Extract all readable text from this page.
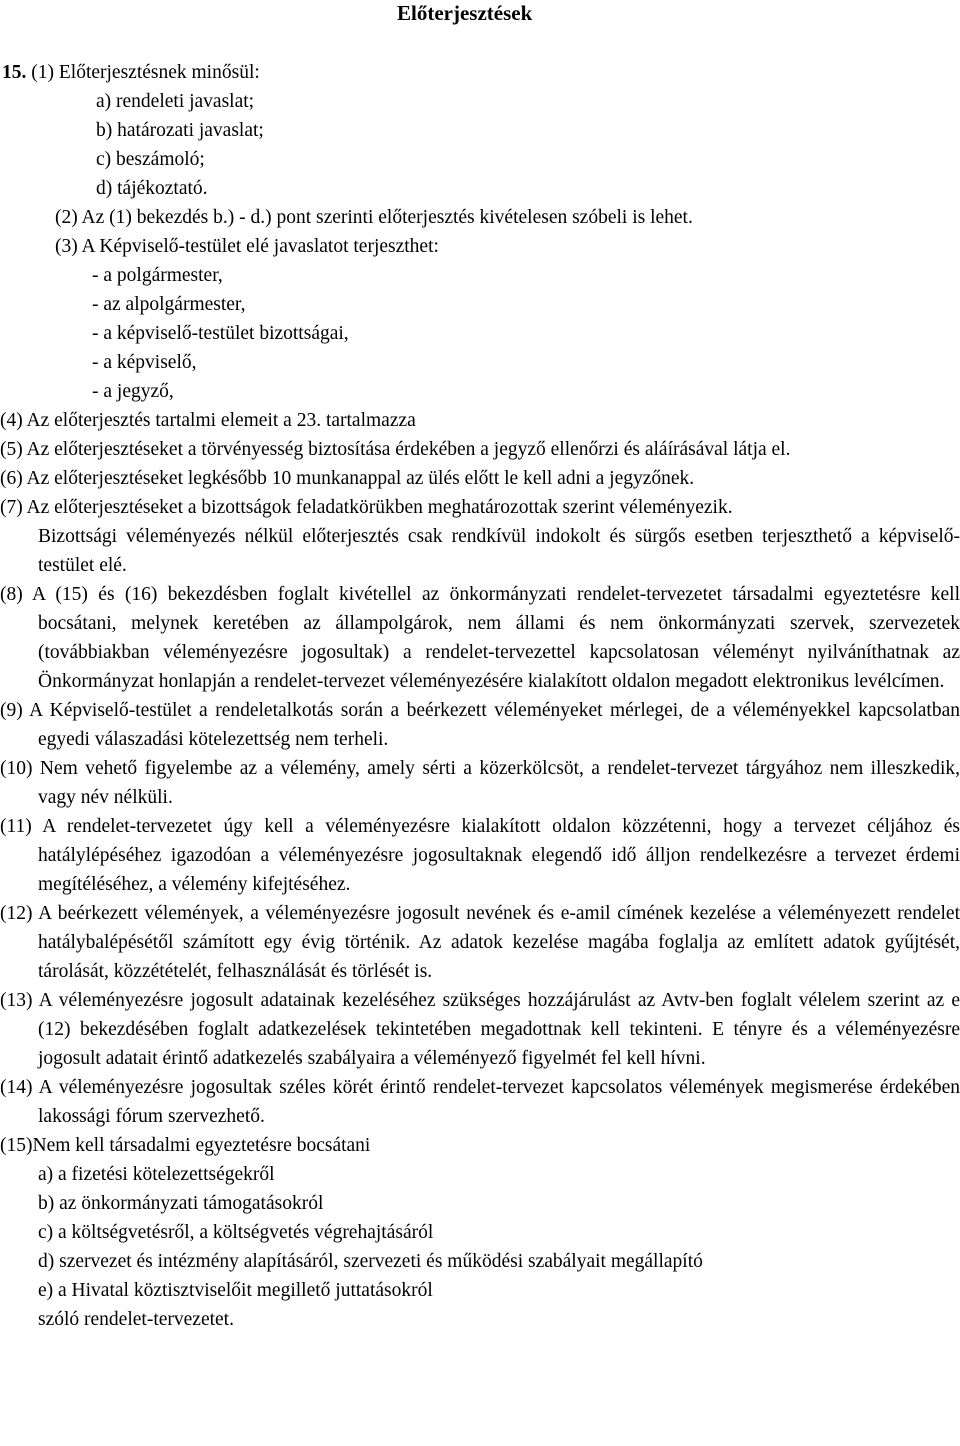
Előterjesztések
15. (1) Előterjesztésnek minősül:
a) rendeleti javaslat;
b) határozati javaslat;
c) beszámoló;
d) tájékoztató.
(2) Az (1) bekezdés b.) - d.) pont szerinti előterjesztés kivételesen szóbeli is lehet.
(3) A Képviselő-testület elé javaslatot terjeszthet:
- a polgármester,
- az alpolgármester,
- a képviselő-testület bizottságai,
- a képviselő,
- a jegyző,
(4) Az előterjesztés tartalmi elemeit a 23. tartalmazza

(5) Az előterjesztéseket a törvényesség biztosítása érdekében a jegyző ellenőrzi és aláírásával látja el.

(6) Az előterjesztéseket legkésőbb 10 munkanappal az ülés előtt le kell adni a jegyzőnek.
(7) Az előterjesztéseket a bizottságok feladatkörükben meghatározottak szerint véleményezik.

Bizottsági véleményezés nélkül előterjesztés csak rendkívül indokolt és sürgős esetben terjeszthető a képviselő-testület elé.

(8) A (15) és (16) bekezdésben foglalt kivétellel az önkormányzati rendelet-tervezetet társadalmi egyeztetésre kell bocsátani, melynek keretében az állampolgárok, nem állami és nem önkormányzati szervek, szervezetek (továbbiakban véleményezésre jogosultak) a rendelet-tervezettel kapcsolatosan véleményt nyilváníthatnak az Önkormányzat honlapján a rendelet-tervezet véleményezésére kialakított oldalon megadott elektronikus levélcímen.

(9) A Képviselő-testület a rendeletalkotás során a beérkezett véleményeket mérlegei, de a véleményekkel kapcsolatban egyedi válaszadási kötelezettség nem terheli.

(10) Nem vehető figyelembe az a vélemény, amely sérti a közerkölcsöt, a rendelet-tervezet tárgyához nem illeszkedik, vagy név nélküli.

(11) A rendelet-tervezetet úgy kell a véleményezésre kialakított oldalon közzétenni, hogy a tervezet céljához és hatálylépéséhez igazodóan a véleményezésre jogosultaknak elegendő idő álljon rendelkezésre a tervezet érdemi megítéléséhez, a vélemény kifejtéséhez.

(12) A beérkezett vélemények, a véleményezésre jogosult nevének és e-amil címének kezelése a véleményezett rendelet hatálybalépésétől számított egy évig történik. Az adatok kezelése magába foglalja az említett adatok gyűjtését, tárolását, közzétételét, felhasználását és törlését is.

(13) A véleményezésre jogosult adatainak kezeléséhez szükséges hozzájárulást az Avtv-ben foglalt vélelem szerint az e (12) bekezdésében foglalt adatkezelések tekintetében megadottnak kell tekinteni. E tényre és a véleményezésre jogosult adatait érintő adatkezelés szabályaira a véleményező figyelmét fel kell hívni.

(14) A véleményezésre jogosultak széles körét érintő rendelet-tervezet kapcsolatos vélemények megismerése érdekében lakossági fórum szervezhető.

(15)Nem kell társadalmi egyeztetésre bocsátani
a) a fizetési kötelezettségekről
b) az önkormányzati támogatásokról
c) a költségvetésről, a költségvetés végrehajtásáról
d) szervezet és intézmény alapításáról, szervezeti és működési szabályait megállapító
e) a Hivatal köztisztviselőit megillető juttatásokról
szóló rendelet-tervezetet.
